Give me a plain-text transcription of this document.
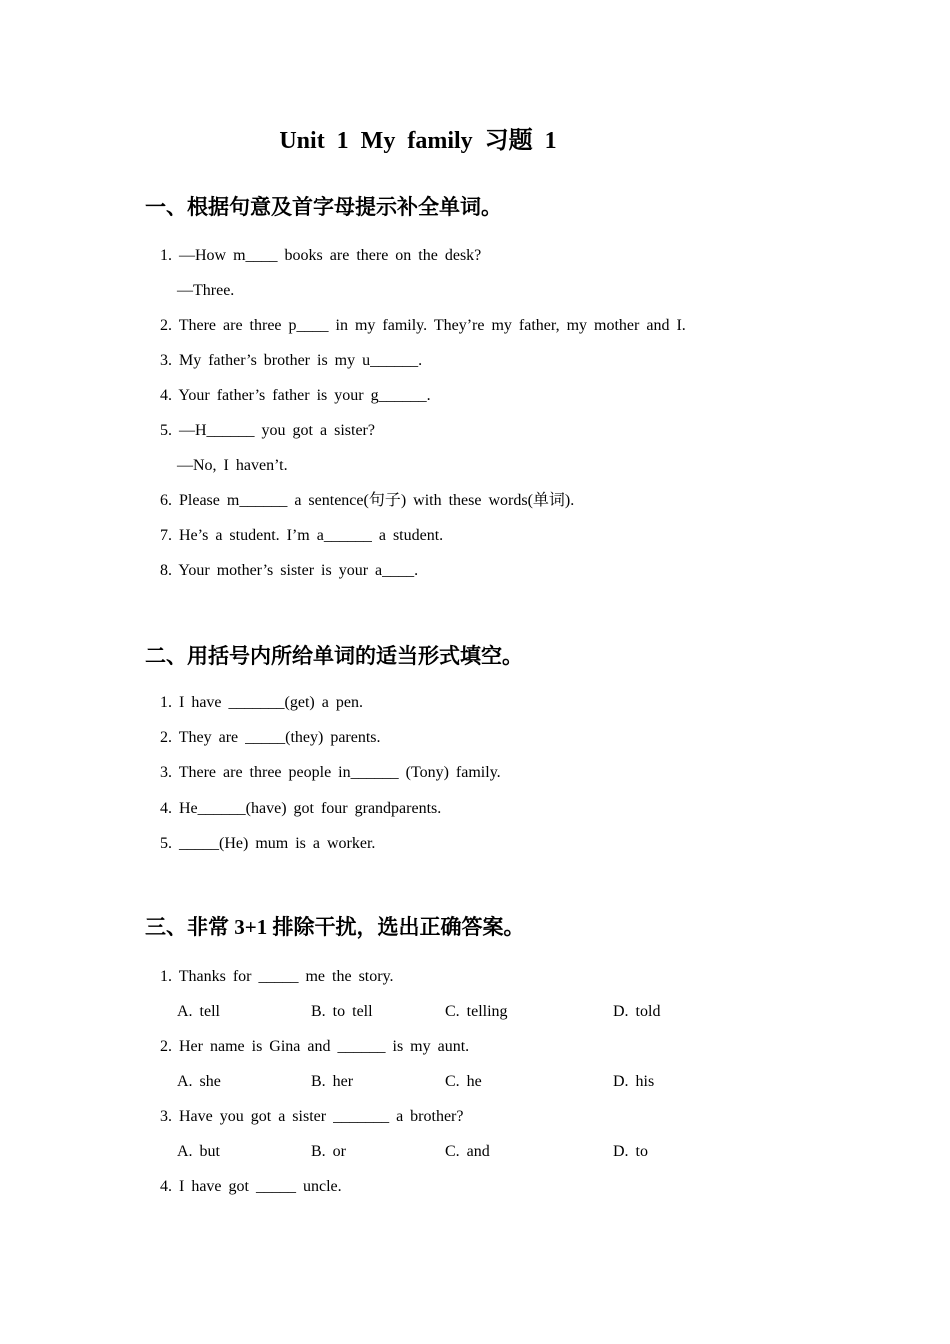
Unit 1 My family 习题 1
一、根据句意及首字母提示补全单词。
1. —How m____ books are there on the desk?
—Three.
2. There are three p____ in my family. They’re my father, my mother and I.
3. My father’s brother is my u______.
4. Your father’s father is your g______.
5. —H______ you got a sister?
—No, I haven’t.
6. Please m______ a sentence(句子) with these words(单词).
7. He’s a student. I’m a______ a student.
8. Your mother’s sister is your a____.
二、用括号内所给单词的适当形式填空。
1. I have _______(get) a pen.
2. They are _____(they) parents.
3. There are three people in______ (Tony) family.
4. He______(have) got four grandparents.
5. _____(He) mum is a worker.
三、非常 3+1 排除干扰，选出正确答案。
1. Thanks for _____ me the story.
A. tell	B. to tell	C. telling	D. told
2. Her name is Gina and ______ is my aunt.
A. she	B. her	C. he	D. his
3. Have you got a sister _______ a brother?
A. but	B. or	C. and	D. to
4. I have got _____ uncle.
